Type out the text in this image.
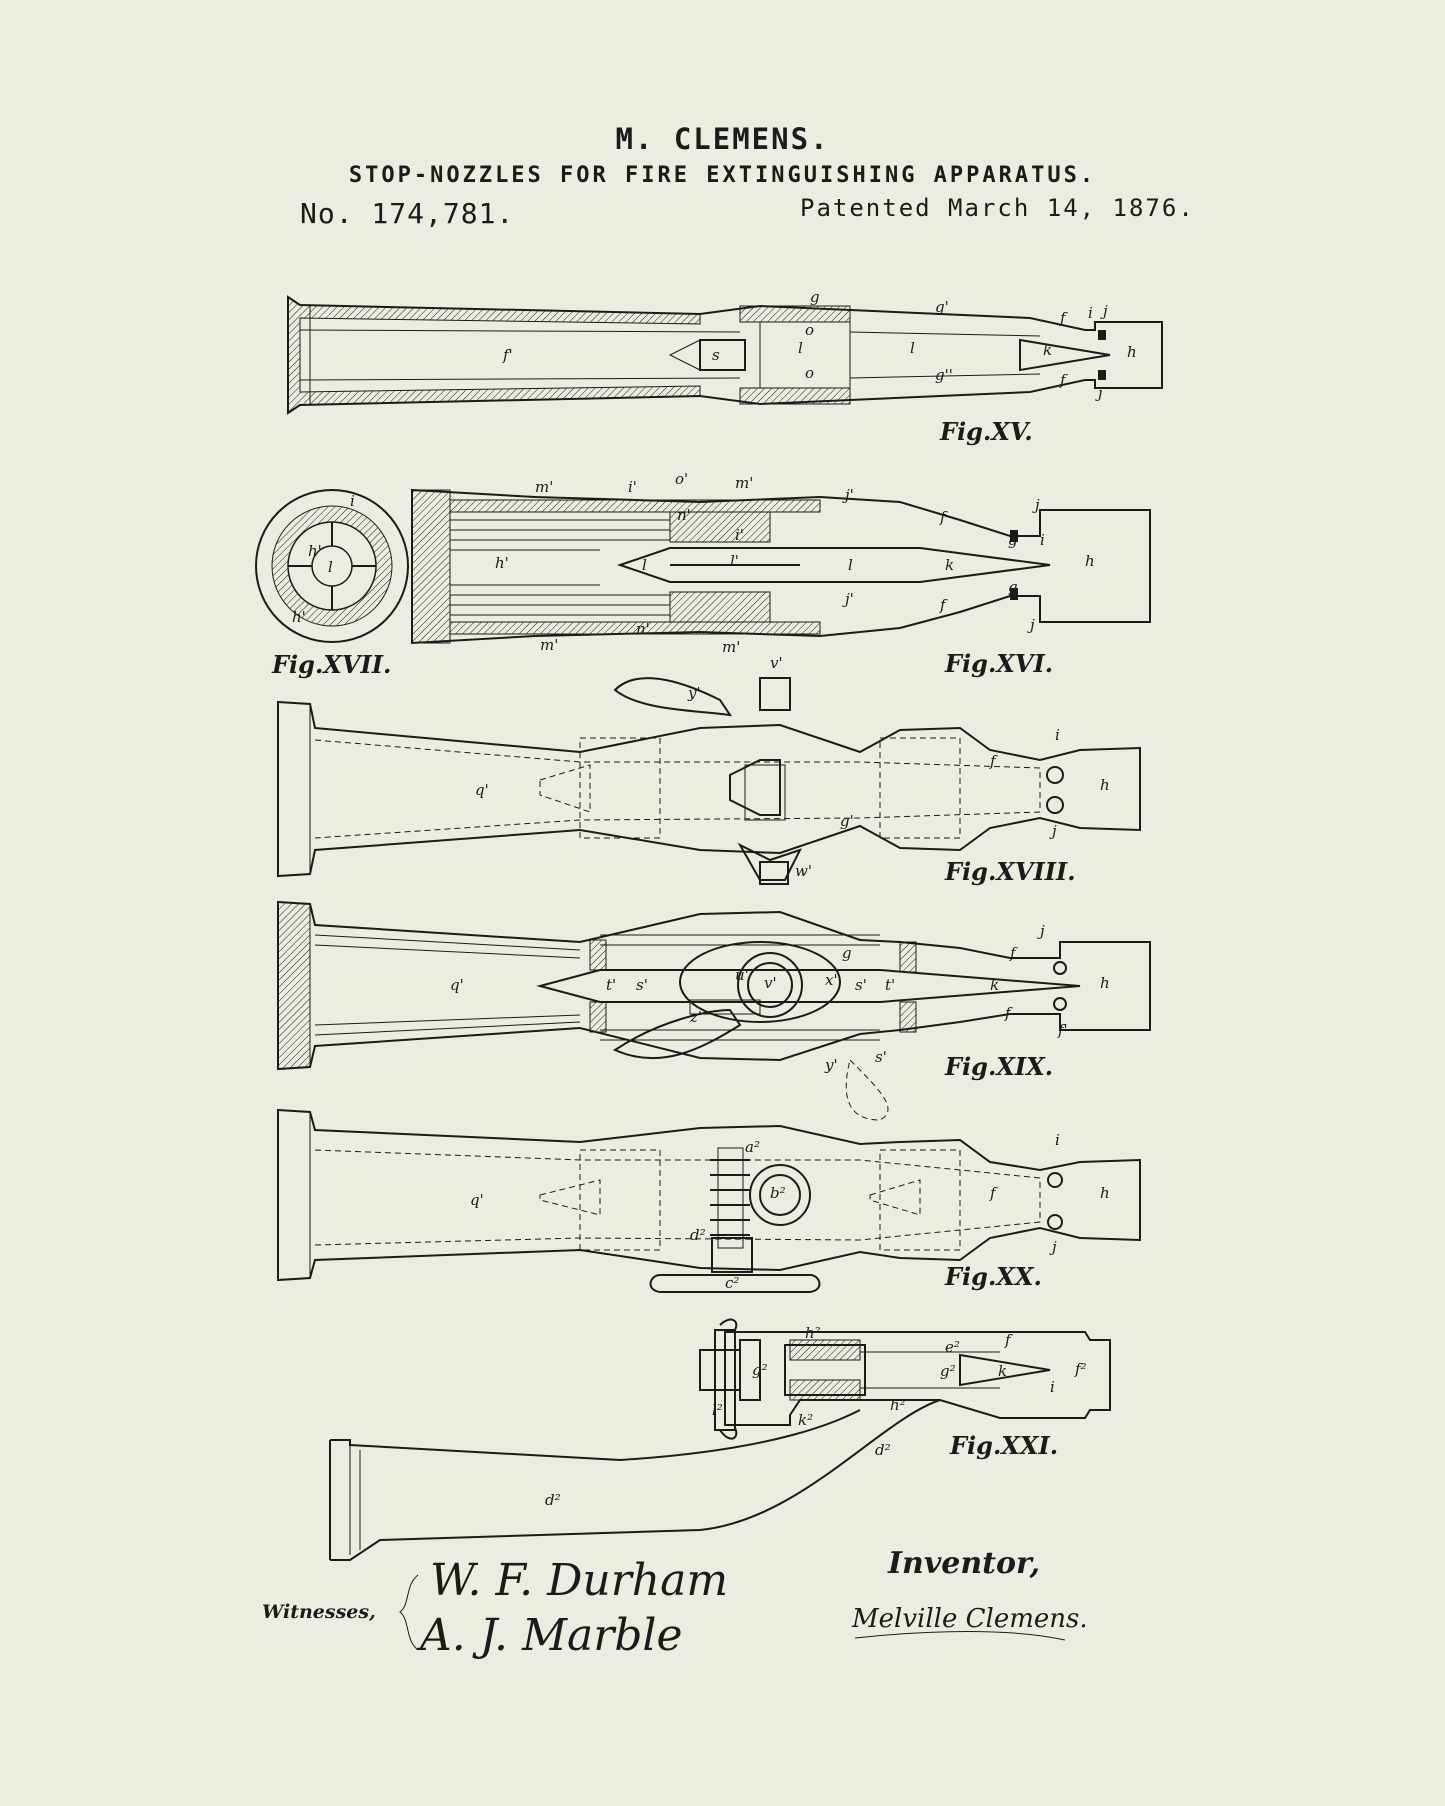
M. CLEMENS.
STOP-NOZZLES FOR FIRE EXTINGUISHING APPARATUS.
No. 174,781.	Patented March 14, 1876.
f'	s
o
l	l	k	h
o
g
g'
g''
f i j
f
j
Fig.XV.
l
h'
i
h'
Fig.XVII.
m'	i'	o'	m'
j'
n'
i'
h'	l	l'	l	k	h
j
f
g i
g
f
j
j'
m'	m'
n'
Fig.XVI.
q'
y'
v'
g'
f
i
h
j
w'	Fig.XVIII.
q'	t' s'
u' v'	x' s' t'
g
k	h
j
f
f
f'
y' s'
z'
Fig.XIX.
q'
a²
b²	f
i
h
j
d²
c²	Fig.XX.
h²
g²	g²
e²
k
f
f²
i
h²
k²
l²
d²
d²
Fig.XXI.
Witnesses,
W. F. Durham
A. J. Marble
Inventor,
Melville Clemens.
